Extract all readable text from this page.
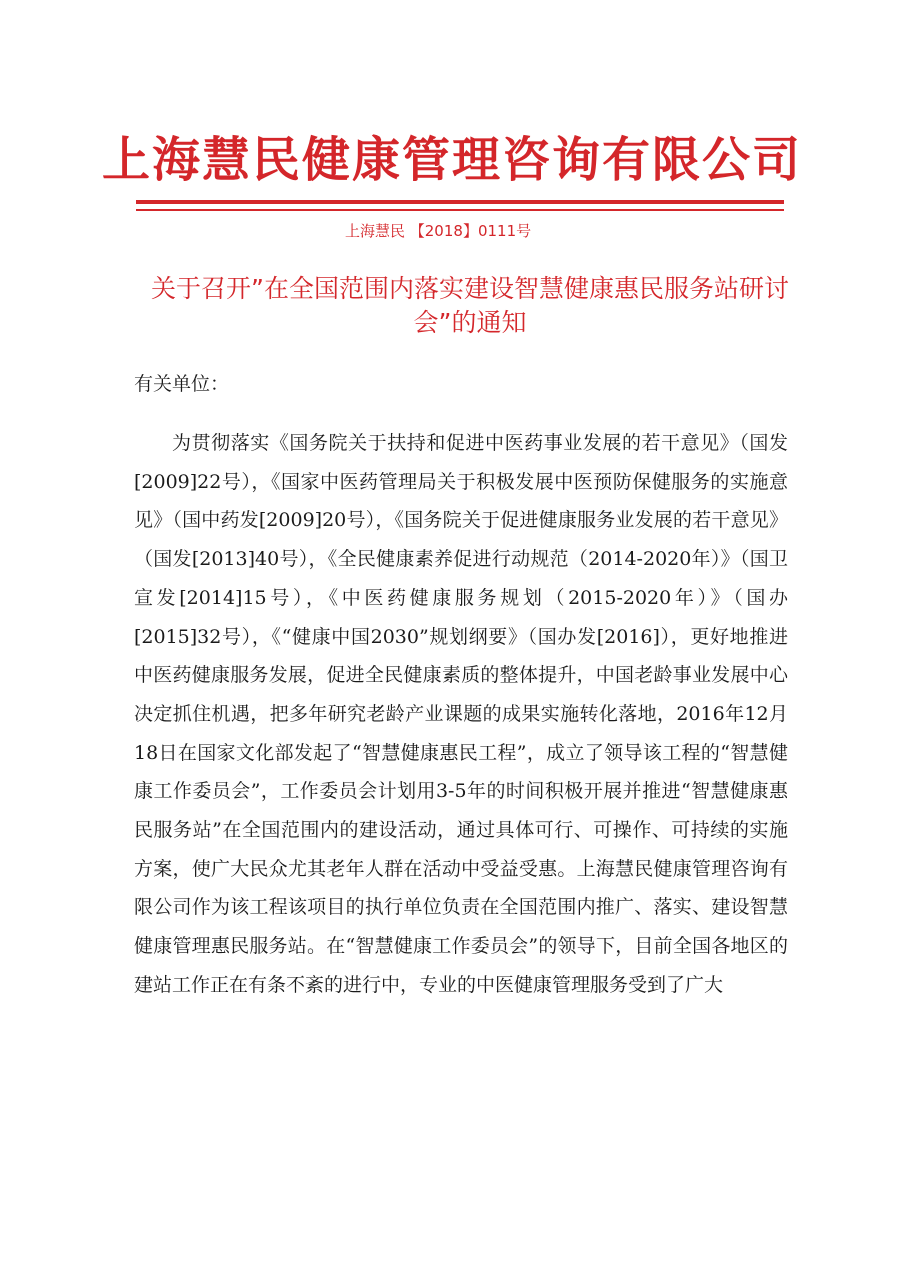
上海慧民健康管理咨询有限公司
上海慧民 【2018】0111号
关于召开”在全国范围内落实建设智慧健康惠民服务站研讨会”的通知
有关单位：

为贯彻落实《国务院关于扶持和促进中医药事业发展的若干意见》（国发[2009]22号），《国家中医药管理局关于积极发展中医预防保健服务的实施意见》（国中药发[2009]20号），《国务院关于促进健康服务业发展的若干意见》（国发[2013]40号），《全民健康素养促进行动规范（2014-2020年）》（国卫宣发[2014]15号），《中医药健康服务规划（2015-2020年）》（国办[2015]32号），《“健康中国2030”规划纲要》（国办发[2016]），更好地推进中医药健康服务发展，促进全民健康素质的整体提升，中国老龄事业发展中心决定抓住机遇，把多年研究老龄产业课题的成果实施转化落地，2016年12月18日在国家文化部发起了“智慧健康惠民工程”，成立了领导该工程的“智慧健康工作委员会”，工作委员会计划用3-5年的时间积极开展并推进“智慧健康惠民服务站”在全国范围内的建设活动，通过具体可行、可操作、可持续的实施方案，使广大民众尤其老年人群在活动中受益受惠。上海慧民健康管理咨询有限公司作为该工程该项目的执行单位负责在全国范围内推广、落实、建设智慧健康管理惠民服务站。在“智慧健康工作委员会”的领导下，目前全国各地区的建站工作正在有条不紊的进行中，专业的中医健康管理服务受到了广大
